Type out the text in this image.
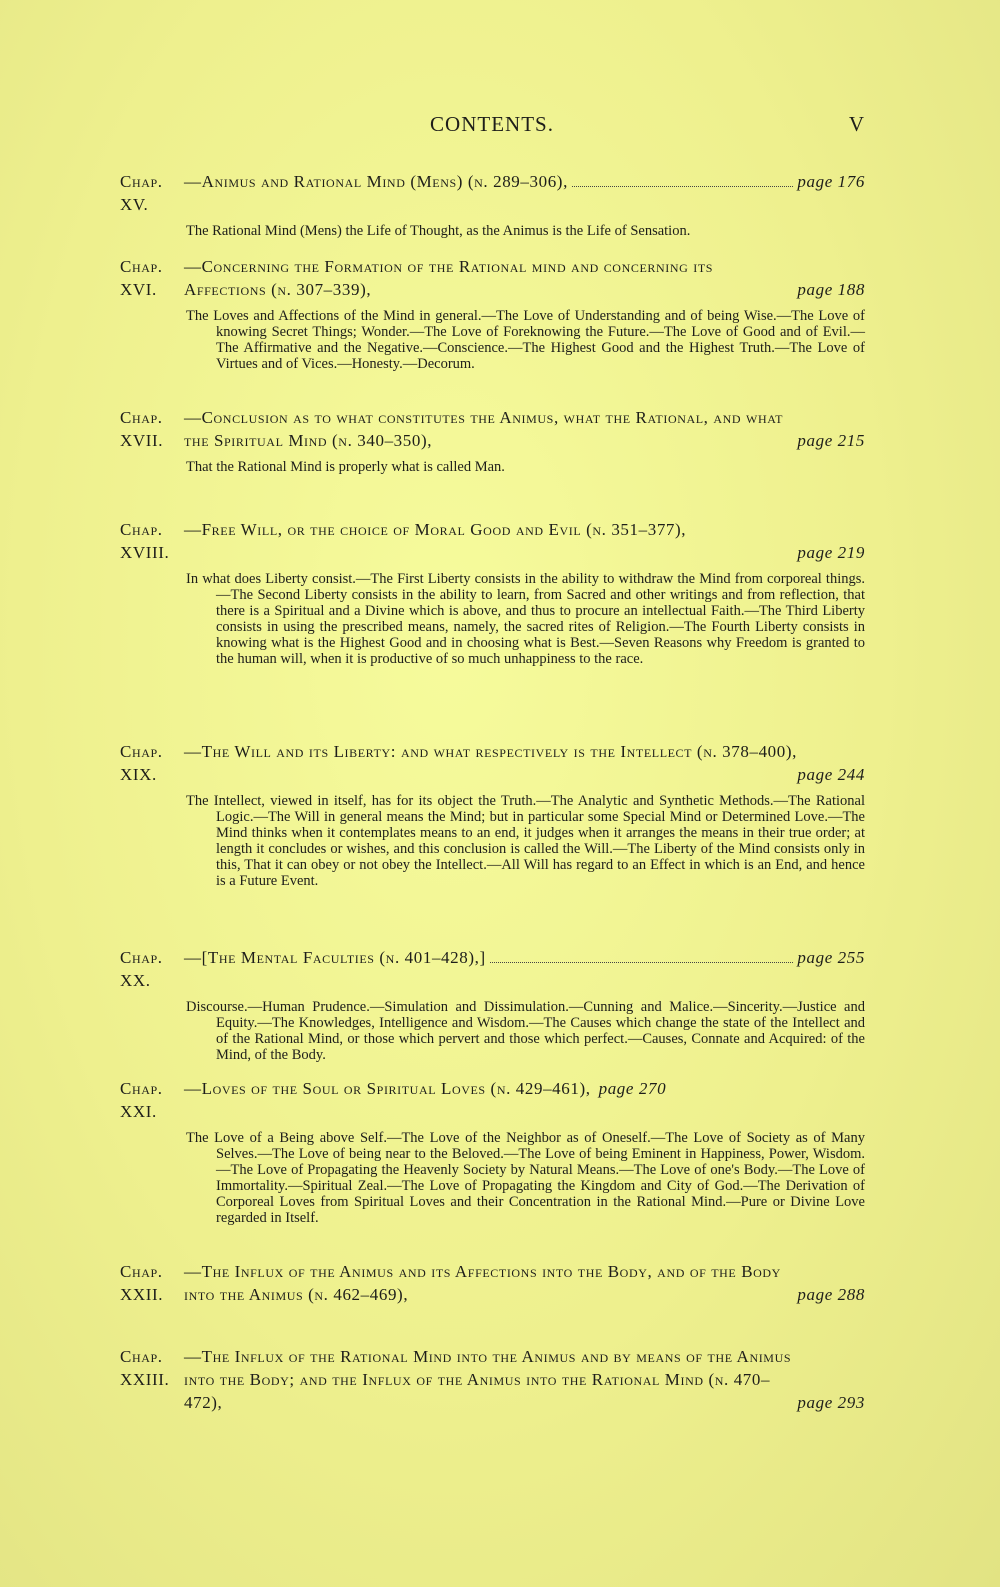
CONTENTS.	V
Chap. XV.
—Animus and Rational Mind (Mens) (n. 289–306),	page 176
The Rational Mind (Mens) the Life of Thought, as the Animus is the Life of Sensation.
Chap. XVI.
—Concerning the Formation of the Rational mind and concerning its Affections (n. 307–339),	page 188
The Loves and Affections of the Mind in general.—The Love of Understanding and of being Wise.—The Love of knowing Secret Things; Wonder.—The Love of Foreknowing the Future.—The Love of Good and of Evil.—The Affirmative and the Negative.—Conscience.—The Highest Good and the Highest Truth.—The Love of Virtues and of Vices.—Honesty.—Decorum.
Chap. XVII.
—Conclusion as to what constitutes the Animus, what the Rational, and what the Spiritual Mind (n. 340–350),	page 215
That the Rational Mind is properly what is called Man.
Chap. XVIII.
—Free Will, or the choice of Moral Good and Evil (n. 351–377),
page 219
In what does Liberty consist.—The First Liberty consists in the ability to withdraw the Mind from corporeal things.—The Second Liberty consists in the ability to learn, from Sacred and other writings and from reflection, that there is a Spiritual and a Divine which is above, and thus to procure an intellectual Faith.—The Third Liberty consists in using the prescribed means, namely, the sacred rites of Religion.—The Fourth Liberty consists in knowing what is the Highest Good and in choosing what is Best.—Seven Reasons why Freedom is granted to the human will, when it is productive of so much unhappiness to the race.
Chap. XIX.
—The Will and its Liberty: and what respectively is the Intellect (n. 378–400),
page 244
The Intellect, viewed in itself, has for its object the Truth.—The Analytic and Synthetic Methods.—The Rational Logic.—The Will in general means the Mind; but in particular some Special Mind or Determined Love.—The Mind thinks when it contemplates means to an end, it judges when it arranges the means in their true order; at length it concludes or wishes, and this conclusion is called the Will.—The Liberty of the Mind consists only in this, That it can obey or not obey the Intellect.—All Will has regard to an Effect in which is an End, and hence is a Future Event.
Chap. XX.
—[The Mental Faculties (n. 401–428),]	page 255
Discourse.—Human Prudence.—Simulation and Dissimulation.—Cunning and Malice.—Sincerity.—Justice and Equity.—The Knowledges, Intelligence and Wisdom.—The Causes which change the state of the Intellect and of the Rational Mind, or those which pervert and those which perfect.—Causes, Connate and Acquired: of the Mind, of the Body.
Chap. XXI.
—Loves of the Soul or Spiritual Loves (n. 429–461), page 270
The Love of a Being above Self.—The Love of the Neighbor as of Oneself.—The Love of Society as of Many Selves.—The Love of being near to the Beloved.—The Love of being Eminent in Happiness, Power, Wisdom.—The Love of Propagating the Heavenly Society by Natural Means.—The Love of one's Body.—The Love of Immortality.—Spiritual Zeal.—The Love of Propagating the Kingdom and City of God.—The Derivation of Corporeal Loves from Spiritual Loves and their Concentration in the Rational Mind.—Pure or Divine Love regarded in Itself.
Chap. XXII.
—The Influx of the Animus and its Affections into the Body, and of the Body into the Animus (n. 462–469),	page 288
Chap. XXIII.
—The Influx of the Rational Mind into the Animus and by means of the Animus into the Body; and the Influx of the Animus into the Rational Mind (n. 470–472),	page 293
